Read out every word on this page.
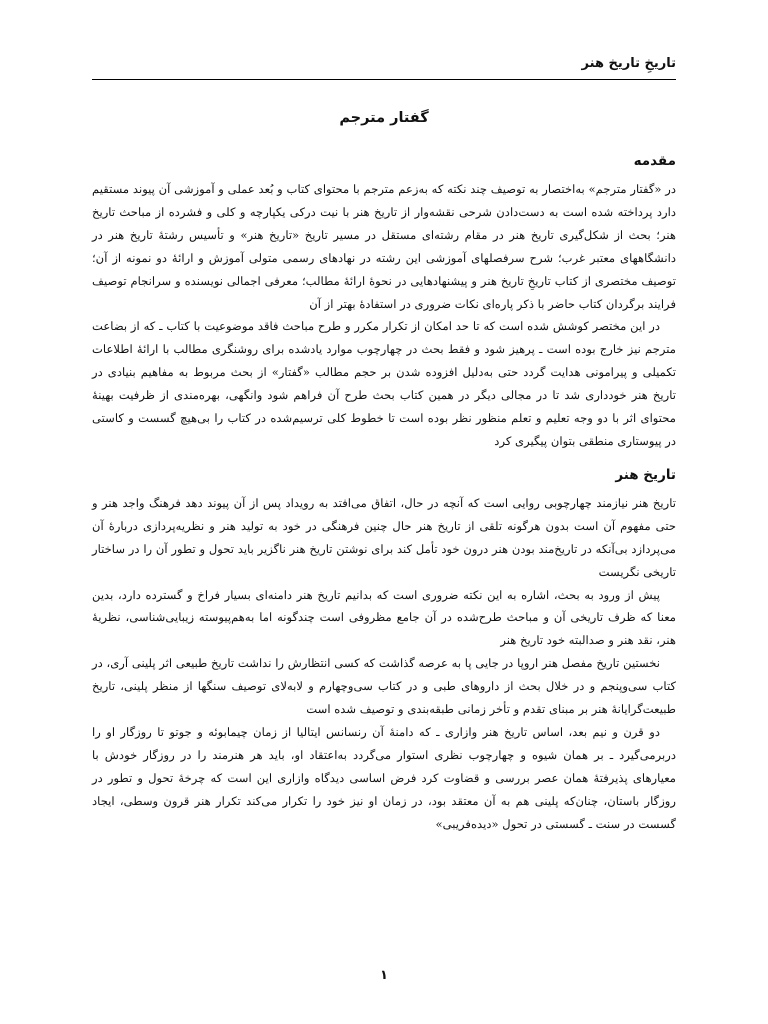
تاریخِ تاریخ هنر
گفتار مترجم
مقدمه

در «گفتار مترجم» به‌اختصار به توصیف چند نکته که به‌زعم مترجم با محتوای کتاب و بُعد عملی و آموزشی آن پیوند مستقیم دارد پرداخته شده است به دست‌دادن شرحی نقشه‌وار از تاریخ هنر با نیت درکی یکپارچه و کلی و فشرده از مباحث تاریخ هنر؛ بحث از شکل‌گیری تاریخ هنر در مقام رشته‌ای مستقل در مسیر تاریخ «تاریخ هنر» و تأسیس رشتهٔ تاریخ هنر در دانشگاههای معتبر غرب؛ شرح سرفصلهای آموزشی این رشته در نهادهای رسمی متولی آموزش و ارائهٔ دو نمونه از آن؛ توصیف مختصری از کتاب تاریخِ تاریخ هنر و پیشنهادهایی در نحوهٔ ارائهٔ مطالب؛ معرفی اجمالی نویسنده و سرانجام توصیف فرایند برگردان کتاب حاضر با ذکر پاره‌ای نکات ضروری در استفادهٔ بهتر از آن

در این مختصر کوشش شده است که تا حد امکان از تکرار مکرر و طرح مباحث فاقد موضوعیت با کتاب ـ که از بضاعت مترجم نیز خارج بوده است ـ پرهیز شود و فقط بحث در چهارچوب موارد یادشده برای روشنگری مطالب با ارائهٔ اطلاعات تکمیلی و پیرامونی هدایت گردد حتی به‌دلیل افزوده شدن بر حجم مطالب «گفتار» از بحث مربوط به مفاهیم بنیادی در تاریخ هنر خودداری شد تا در مجالی دیگر در همین کتاب بحث طرح آن فراهم شود وانگهی، بهره‌مندی از ظرفیت بهینهٔ محتوای اثر با دو وجه تعلیم و تعلم منظور نظر بوده است تا خطوط کلی ترسیم‌شده در کتاب را بی‌هیچ گسست و کاستی در پیوستاری منطقی بتوان پیگیری کرد

تاریخ هنر

تاریخ هنر نیازمند چهارچوبی روایی است که آنچه در حال، اتفاق می‌افتد به رویداد پس از آن پیوند دهد فرهنگ واجد هنر و حتی مفهوم آن است بدون هرگونه تلقی از تاریخ هنر حال چنین فرهنگی در خود به تولید هنر و نظریه‌پردازی دربارهٔ آن می‌پردازد بی‌آنکه در تاریخ‌مند بودن هنر درون خود تأمل کند برای نوشتن تاریخ هنر ناگزیر باید تحول و تطور آن را در ساختار تاریخی نگریست

پیش از ورود به بحث، اشاره به این نکته ضروری است که بدانیم تاریخ هنر دامنه‌ای بسیار فراخ و گسترده دارد، بدین معنا که ظرف تاریخی آن و مباحث طرح‌شده در آن جامع مظروفی است چندگونه اما به‌هم‌پیوسته زیبایی‌شناسی، نظریهٔ هنر، نقد هنر و صدالبته خود تاریخ هنر

نخستین تاریخ مفصل هنر اروپا در جایی پا به عرصه گذاشت که کسی انتظارش را نداشت تاریخ طبیعی اثر پلینی آری، در کتاب سی‌وپنجم و در خلال بحث از داروهای طبی و در کتاب سی‌وچهارم و لابه‌لای توصیف سنگها از منظر پلینی، تاریخ طبیعت‌گرایانهٔ هنر بر مبنای تقدم و تأخر زمانی طبقه‌بندی و توصیف شده است

دو قرن و نیم بعد، اساس تاریخ هنر وازاری ـ که دامنهٔ آن رنسانس ایتالیا از زمان چیمابوئه و جوتو تا روزگار او را دربرمی‌گیرد ـ بر همان شیوه و چهارچوب نظری استوار می‌گردد به‌اعتقاد او، باید هر هنرمند را در روزگار خودش با معیارهای پذیرفتهٔ همان عصر بررسی و قضاوت کرد فرض اساسی دیدگاه وازاری این است که چرخهٔ تحول و تطور در روزگار باستان، چنان‌که پلینی هم به آن معتقد بود، در زمان او نیز خود را تکرار می‌کند تکرار هنر قرون وسطی، ایجاد گسست در سنت ـ گسستی در تحول «دیده‌فریبی»

۱
